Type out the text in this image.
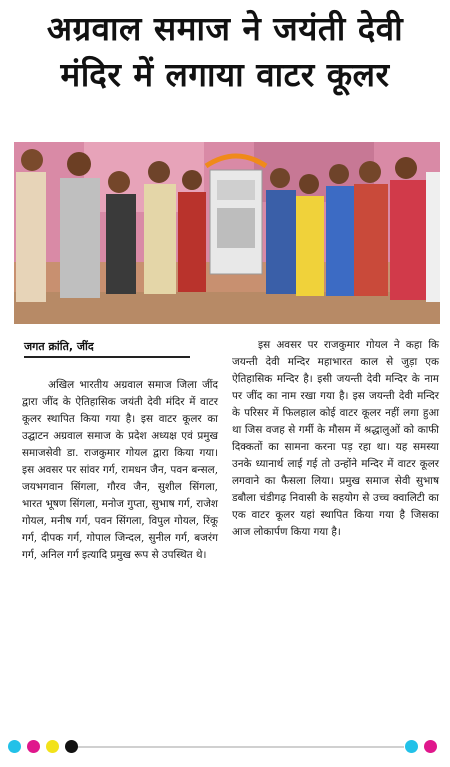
अग्रवाल समाज ने जयंती देवी
मंदिर में लगाया वाटर कूलर
जगत क्रांति, जींद

अखिल भारतीय अग्रवाल समाज जिला जींद द्वारा जींद के ऐतिहासिक जयंती देवी मंदिर में वाटर कूलर स्थापित किया गया है। इस वाटर कूलर का उद्घाटन अग्रवाल समाज के प्रदेश अध्यक्ष एवं प्रमुख समाजसेवी डा. राजकुमार गोयल द्वारा किया गया। इस अवसर पर सांवर गर्ग, रामधन जैन, पवन बन्सल, जयभगवान सिंगला, गौरव जैन, सुशील सिंगला, भारत भूषण सिंगला, मनोज गुप्ता, सुभाष गर्ग, राजेश गोयल, मनीष गर्ग, पवन सिंगला, विपुल गोयल, रिंकू गर्ग, दीपक गर्ग, गोपाल जिन्दल, सुनील गर्ग, बजरंग गर्ग, अनिल गर्ग इत्यादि प्रमुख रूप से उपस्थित थे।

इस अवसर पर राजकुमार गोयल ने कहा कि जयन्ती देवी मन्दिर महाभारत काल से जुड़ा एक ऐतिहासिक मन्दिर है। इसी जयन्ती देवी मन्दिर के नाम पर जींद का नाम रखा गया है। इस जयन्ती देवी मन्दिर के परिसर में फिलहाल कोई वाटर कूलर नहीं लगा हुआ था जिस वजह से गर्मी के मौसम में श्रद्धालुओं को काफी दिक्कतों का सामना करना पड़ रहा था। यह समस्या उनके ध्यानार्थ लाई गई तो उन्होंने मन्दिर में वाटर कूलर लगवाने का फैसला लिया। प्रमुख समाज सेवी सुभाष डबौला चंडीगढ़ निवासी के सहयोग से उच्च क्वालिटी का एक वाटर कूलर यहां स्थापित किया गया है जिसका आज लोकार्पण किया गया है।
